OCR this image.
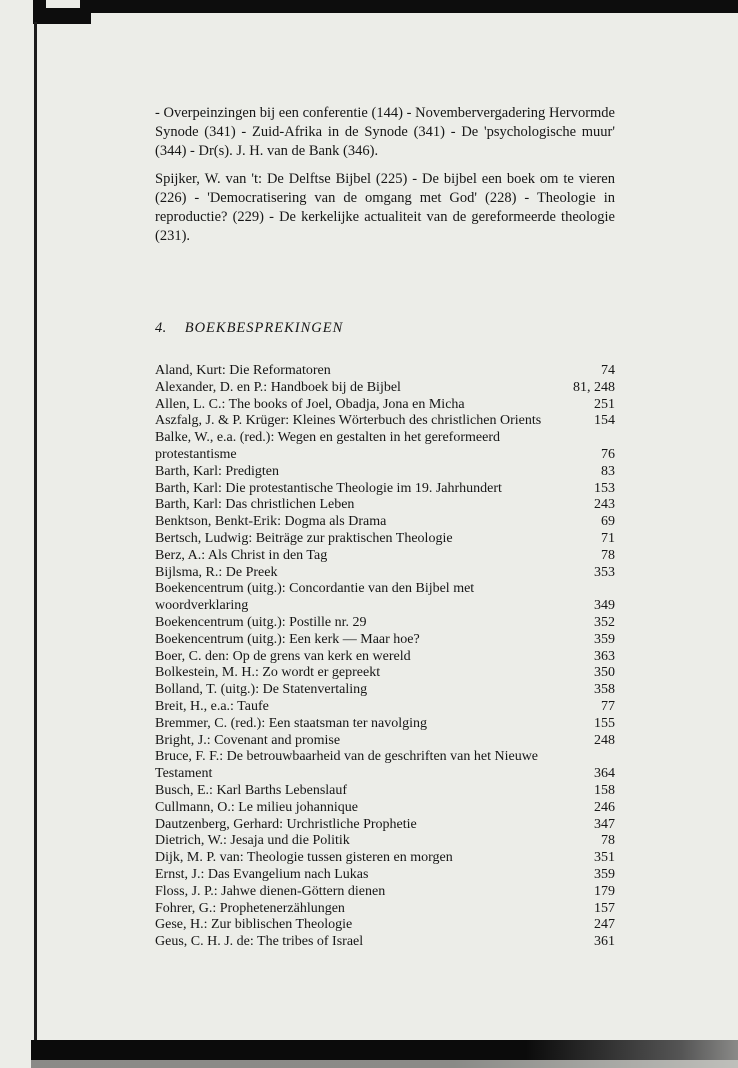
- Overpeinzingen bij een conferentie (144) - Novembervergadering Hervormde Synode (341) - Zuid-Afrika in de Synode (341) - De 'psychologische muur' (344) - Dr(s). J. H. van de Bank (346).

Spijker, W. van 't: De Delftse Bijbel (225) - De bijbel een boek om te vieren (226) - 'Democratisering van de omgang met God' (228) - Theologie in reproductie? (229) - De kerkelijke actualiteit van de gereformeerde theologie (231).

4. BOEKBESPREKINGEN
Aland, Kurt: Die Reformatoren	74
Alexander, D. en P.: Handboek bij de Bijbel	81, 248
Allen, L. C.: The books of Joel, Obadja, Jona en Micha	251
Aszfalg, J. & P. Krüger: Kleines Wörterbuch des christlichen Orients	154
Balke, W., e.a. (red.): Wegen en gestalten in het gereformeerd protestantisme	76
Barth, Karl: Predigten	83
Barth, Karl: Die protestantische Theologie im 19. Jahrhundert	153
Barth, Karl: Das christlichen Leben	243
Benktson, Benkt-Erik: Dogma als Drama	69
Bertsch, Ludwig: Beiträge zur praktischen Theologie	71
Berz, A.: Als Christ in den Tag	78
Bijlsma, R.: De Preek	353
Boekencentrum (uitg.): Concordantie van den Bijbel met woordverklaring	349
Boekencentrum (uitg.): Postille nr. 29	352
Boekencentrum (uitg.): Een kerk — Maar hoe?	359
Boer, C. den: Op de grens van kerk en wereld	363
Bolkestein, M. H.: Zo wordt er gepreekt	350
Bolland, T. (uitg.): De Statenvertaling	358
Breit, H., e.a.: Taufe	77
Bremmer, C. (red.): Een staatsman ter navolging	155
Bright, J.: Covenant and promise	248
Bruce, F. F.: De betrouwbaarheid van de geschriften van het Nieuwe Testament	364
Busch, E.: Karl Barths Lebenslauf	158
Cullmann, O.: Le milieu johannique	246
Dautzenberg, Gerhard: Urchristliche Prophetie	347
Dietrich, W.: Jesaja und die Politik	78
Dijk, M. P. van: Theologie tussen gisteren en morgen	351
Ernst, J.: Das Evangelium nach Lukas	359
Floss, J. P.: Jahwe dienen-Göttern dienen	179
Fohrer, G.: Prophetenerzählungen	157
Gese, H.: Zur biblischen Theologie	247
Geus, C. H. J. de: The tribes of Israel	361
